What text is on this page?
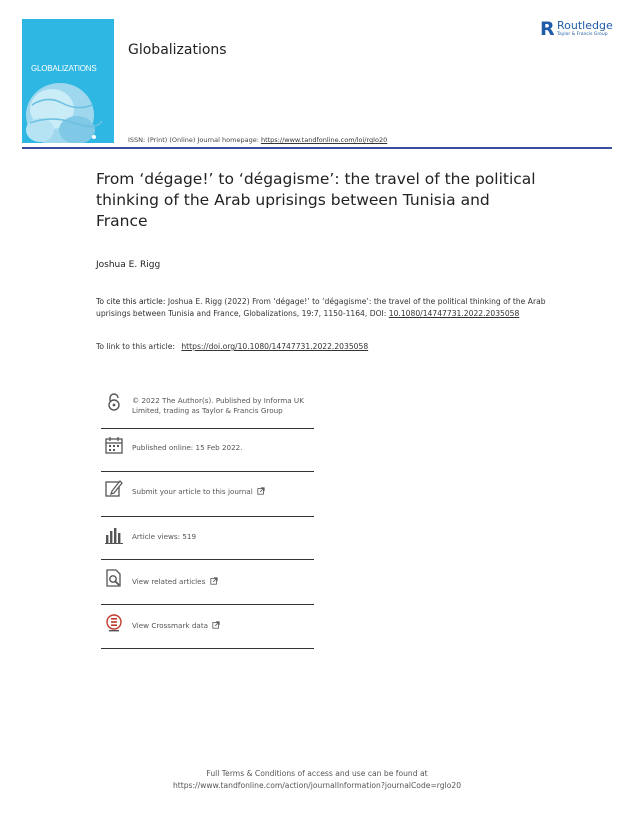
GLOBALIZATIONS
Globalizations
R Routledge
Taylor & Francis Group
ISSN: (Print) (Online) Journal homepage: https://www.tandfonline.com/loi/rglo20
From ‘dégage!’ to ‘dégagisme’: the travel of the political thinking of the Arab uprisings between Tunisia and France
Joshua E. Rigg
To cite this article: Joshua E. Rigg (2022) From ‘dégage!’ to ‘dégagisme’: the travel of the political thinking of the Arab uprisings between Tunisia and France, Globalizations, 19:7, 1150-1164, DOI: 10.1080/14747731.2022.2035058
To link to this article: https://doi.org/10.1080/14747731.2022.2035058
© 2022 The Author(s). Published by Informa UK Limited, trading as Taylor & Francis Group
Published online: 15 Feb 2022.
Submit your article to this journal
Article views: 519
View related articles
View Crossmark data
Full Terms & Conditions of access and use can be found at
https://www.tandfonline.com/action/journalInformation?journalCode=rglo20
